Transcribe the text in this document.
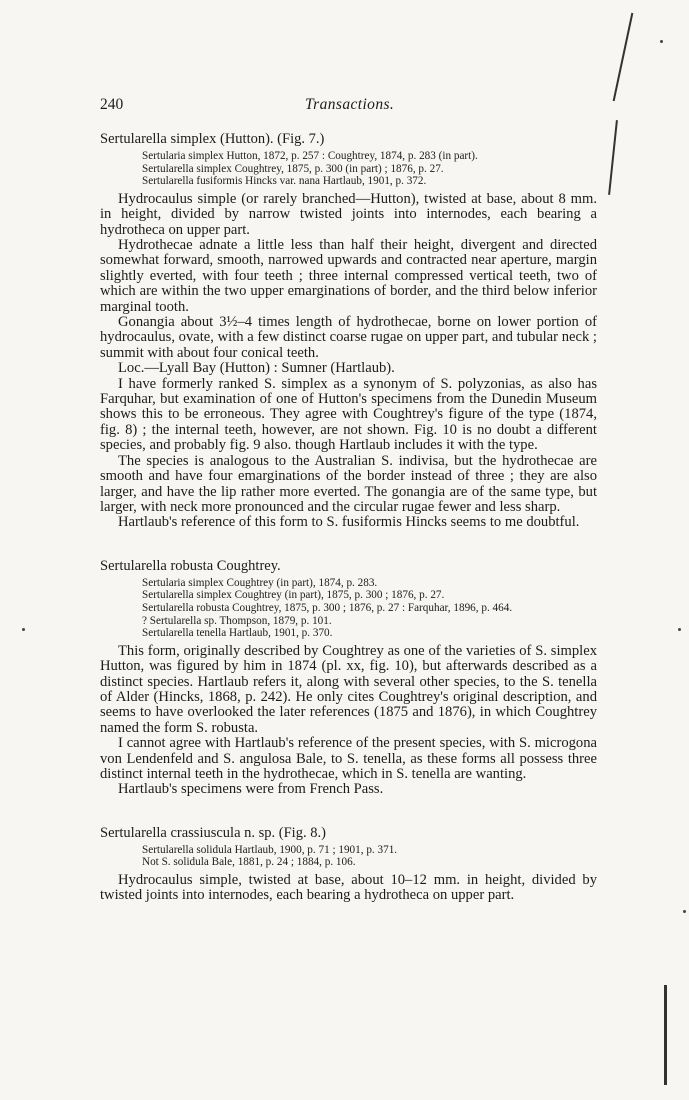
240	Transactions.
Sertularella simplex (Hutton). (Fig. 7.)
Sertularia simplex Hutton, 1872, p. 257 : Coughtrey, 1874, p. 283 (in part).
Sertularella simplex Coughtrey, 1875, p. 300 (in part) ; 1876, p. 27.
Sertularella fusiformis Hincks var. nana Hartlaub, 1901, p. 372.

Hydrocaulus simple (or rarely branched—Hutton), twisted at base, about 8 mm. in height, divided by narrow twisted joints into internodes, each bearing a hydrotheca on upper part.

Hydrothecae adnate a little less than half their height, divergent and directed somewhat forward, smooth, narrowed upwards and contracted near aperture, margin slightly everted, with four teeth ; three internal compressed vertical teeth, two of which are within the two upper emarginations of border, and the third below inferior marginal tooth.

Gonangia about 3½–4 times length of hydrothecae, borne on lower portion of hydrocaulus, ovate, with a few distinct coarse rugae on upper part, and tubular neck ; summit with about four conical teeth.

Loc.—Lyall Bay (Hutton) : Sumner (Hartlaub).

I have formerly ranked S. simplex as a synonym of S. polyzonias, as also has Farquhar, but examination of one of Hutton's specimens from the Dunedin Museum shows this to be erroneous. They agree with Coughtrey's figure of the type (1874, fig. 8) ; the internal teeth, however, are not shown. Fig. 10 is no doubt a different species, and probably fig. 9 also. though Hartlaub includes it with the type.

The species is analogous to the Australian S. indivisa, but the hydrothecae are smooth and have four emarginations of the border instead of three ; they are also larger, and have the lip rather more everted. The gonangia are of the same type, but larger, with neck more pronounced and the circular rugae fewer and less sharp.

Hartlaub's reference of this form to S. fusiformis Hincks seems to me doubtful.

Sertularella robusta Coughtrey.
Sertularia simplex Coughtrey (in part), 1874, p. 283.
Sertularella simplex Coughtrey (in part), 1875, p. 300 ; 1876, p. 27.
Sertularella robusta Coughtrey, 1875, p. 300 ; 1876, p. 27 : Farquhar, 1896, p. 464.
? Sertularella sp. Thompson, 1879, p. 101.
Sertularella tenella Hartlaub, 1901, p. 370.

This form, originally described by Coughtrey as one of the varieties of S. simplex Hutton, was figured by him in 1874 (pl. xx, fig. 10), but afterwards described as a distinct species. Hartlaub refers it, along with several other species, to the S. tenella of Alder (Hincks, 1868, p. 242). He only cites Coughtrey's original description, and seems to have overlooked the later references (1875 and 1876), in which Coughtrey named the form S. robusta.

I cannot agree with Hartlaub's reference of the present species, with S. microgona von Lendenfeld and S. angulosa Bale, to S. tenella, as these forms all possess three distinct internal teeth in the hydrothecae, which in S. tenella are wanting.

Hartlaub's specimens were from French Pass.

Sertularella crassiuscula n. sp. (Fig. 8.)
Sertularella solidula Hartlaub, 1900, p. 71 ; 1901, p. 371.
Not S. solidula Bale, 1881, p. 24 ; 1884, p. 106.

Hydrocaulus simple, twisted at base, about 10–12 mm. in height, divided by twisted joints into internodes, each bearing a hydrotheca on upper part.
